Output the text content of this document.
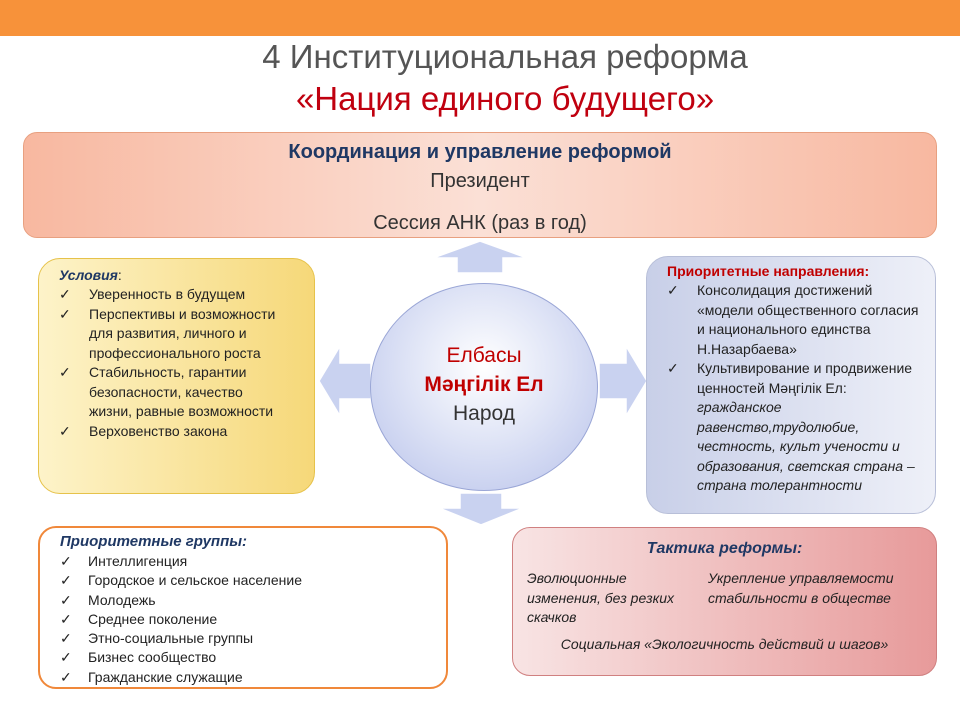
4 Институциональная реформа
«Нация единого будущего»
Координация и управление реформой
Президент
Сессия АНК (раз в год)
Елбасы
Мәңгілік Ел
Народ
Условия:
✓ Уверенность в будущем
✓ Перспективы и возможности для развития, личного и профессионального роста
✓ Стабильность, гарантии безопасности, качество жизни, равные возможности
✓ Верховенство закона
Приоритетные направления:
✓ Консолидация достижений «модели общественного согласия и национального единства Н.Назарбаева»
✓ Культивирование и продвижение ценностей Мәңгілік Ел: гражданское равенство,трудолюбие, честность, культ учености и образования, светская страна – страна толерантности
Приоритетные группы:
✓ Интеллигенция
✓ Городское и сельское население
✓ Молодежь
✓ Среднее поколение
✓ Этно-социальные группы
✓ Бизнес сообщество
✓ Гражданские служащие
Тактика реформы:
Эволюционные изменения, без резких скачков
Укрепление управляемости стабильности в обществе
Социальная «Экологичность действий и шагов»
